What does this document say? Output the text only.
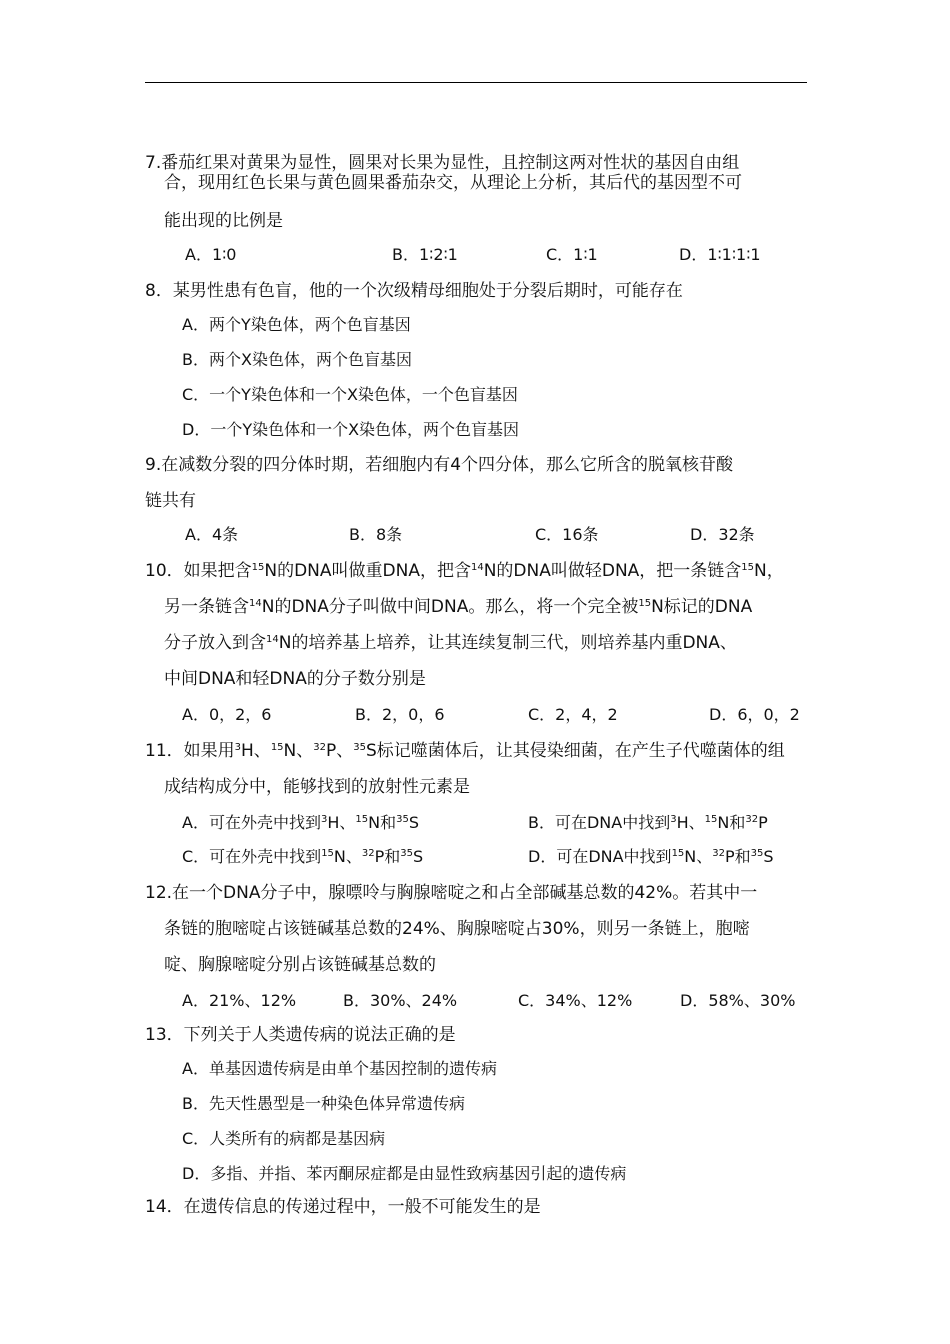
7.番茄红果对黄果为显性，圆果对长果为显性，且控制这两对性状的基因自由组
合，现用红色长果与黄色圆果番茄杂交，从理论上分析，其后代的基因型不可
能出现的比例是
A．1∶0	B．1∶2∶1	C．1∶1	D．1∶1∶1∶1
8．某男性患有色盲，他的一个次级精母细胞处于分裂后期时，可能存在
A．两个Y染色体，两个色盲基因
B．两个X染色体，两个色盲基因
C．一个Y染色体和一个X染色体，一个色盲基因
D．一个Y染色体和一个X染色体，两个色盲基因
9.在减数分裂的四分体时期，若细胞内有4个四分体，那么它所含的脱氧核苷酸
链共有
A．4条	B．8条	C．16条	D．32条
10．如果把含$^{15}$N的DNA叫做重DNA，把含$^{14}$N的DNA叫做轻DNA，把一条链含$^{15}$N，
另一条链含$^{14}$N的DNA分子叫做中间DNA。那么，将一个完全被$^{15}$N标记的DNA
分子放入到含$^{14}$N的培养基上培养，让其连续复制三代，则培养基内重DNA、
中间DNA和轻DNA的分子数分别是
A．0，2，6	B．2，0，6	C．2，4，2	D．6，0，2
11．如果用$^3$H、$^{15}$N、$^{32}$P、$^{35}$S标记噬菌体后，让其侵染细菌，在产生子代噬菌体的组
成结构成分中，能够找到的放射性元素是
A．可在外壳中找到$^3$H、$^{15}$N和$^{35}$S	B．可在DNA中找到$^3$H、$^{15}$N和$^{32}$P
C．可在外壳中找到$^{15}$N、$^{32}$P和$^{35}$S	D．可在DNA中找到$^{15}$N、$^{32}$P和$^{35}$S
12.在一个DNA分子中，腺嘌呤与胸腺嘧啶之和占全部碱基总数的42%。若其中一
条链的胞嘧啶占该链碱基总数的24%、胸腺嘧啶占30%，则另一条链上，胞嘧
啶、胸腺嘧啶分别占该链碱基总数的
A．21%、12%	B．30%、24%	C．34%、12%	D．58%、30%
13．下列关于人类遗传病的说法正确的是
A．单基因遗传病是由单个基因控制的遗传病
B．先天性愚型是一种染色体异常遗传病
C．人类所有的病都是基因病
D．多指、并指、苯丙酮尿症都是由显性致病基因引起的遗传病
14．在遗传信息的传递过程中，一般不可能发生的是
